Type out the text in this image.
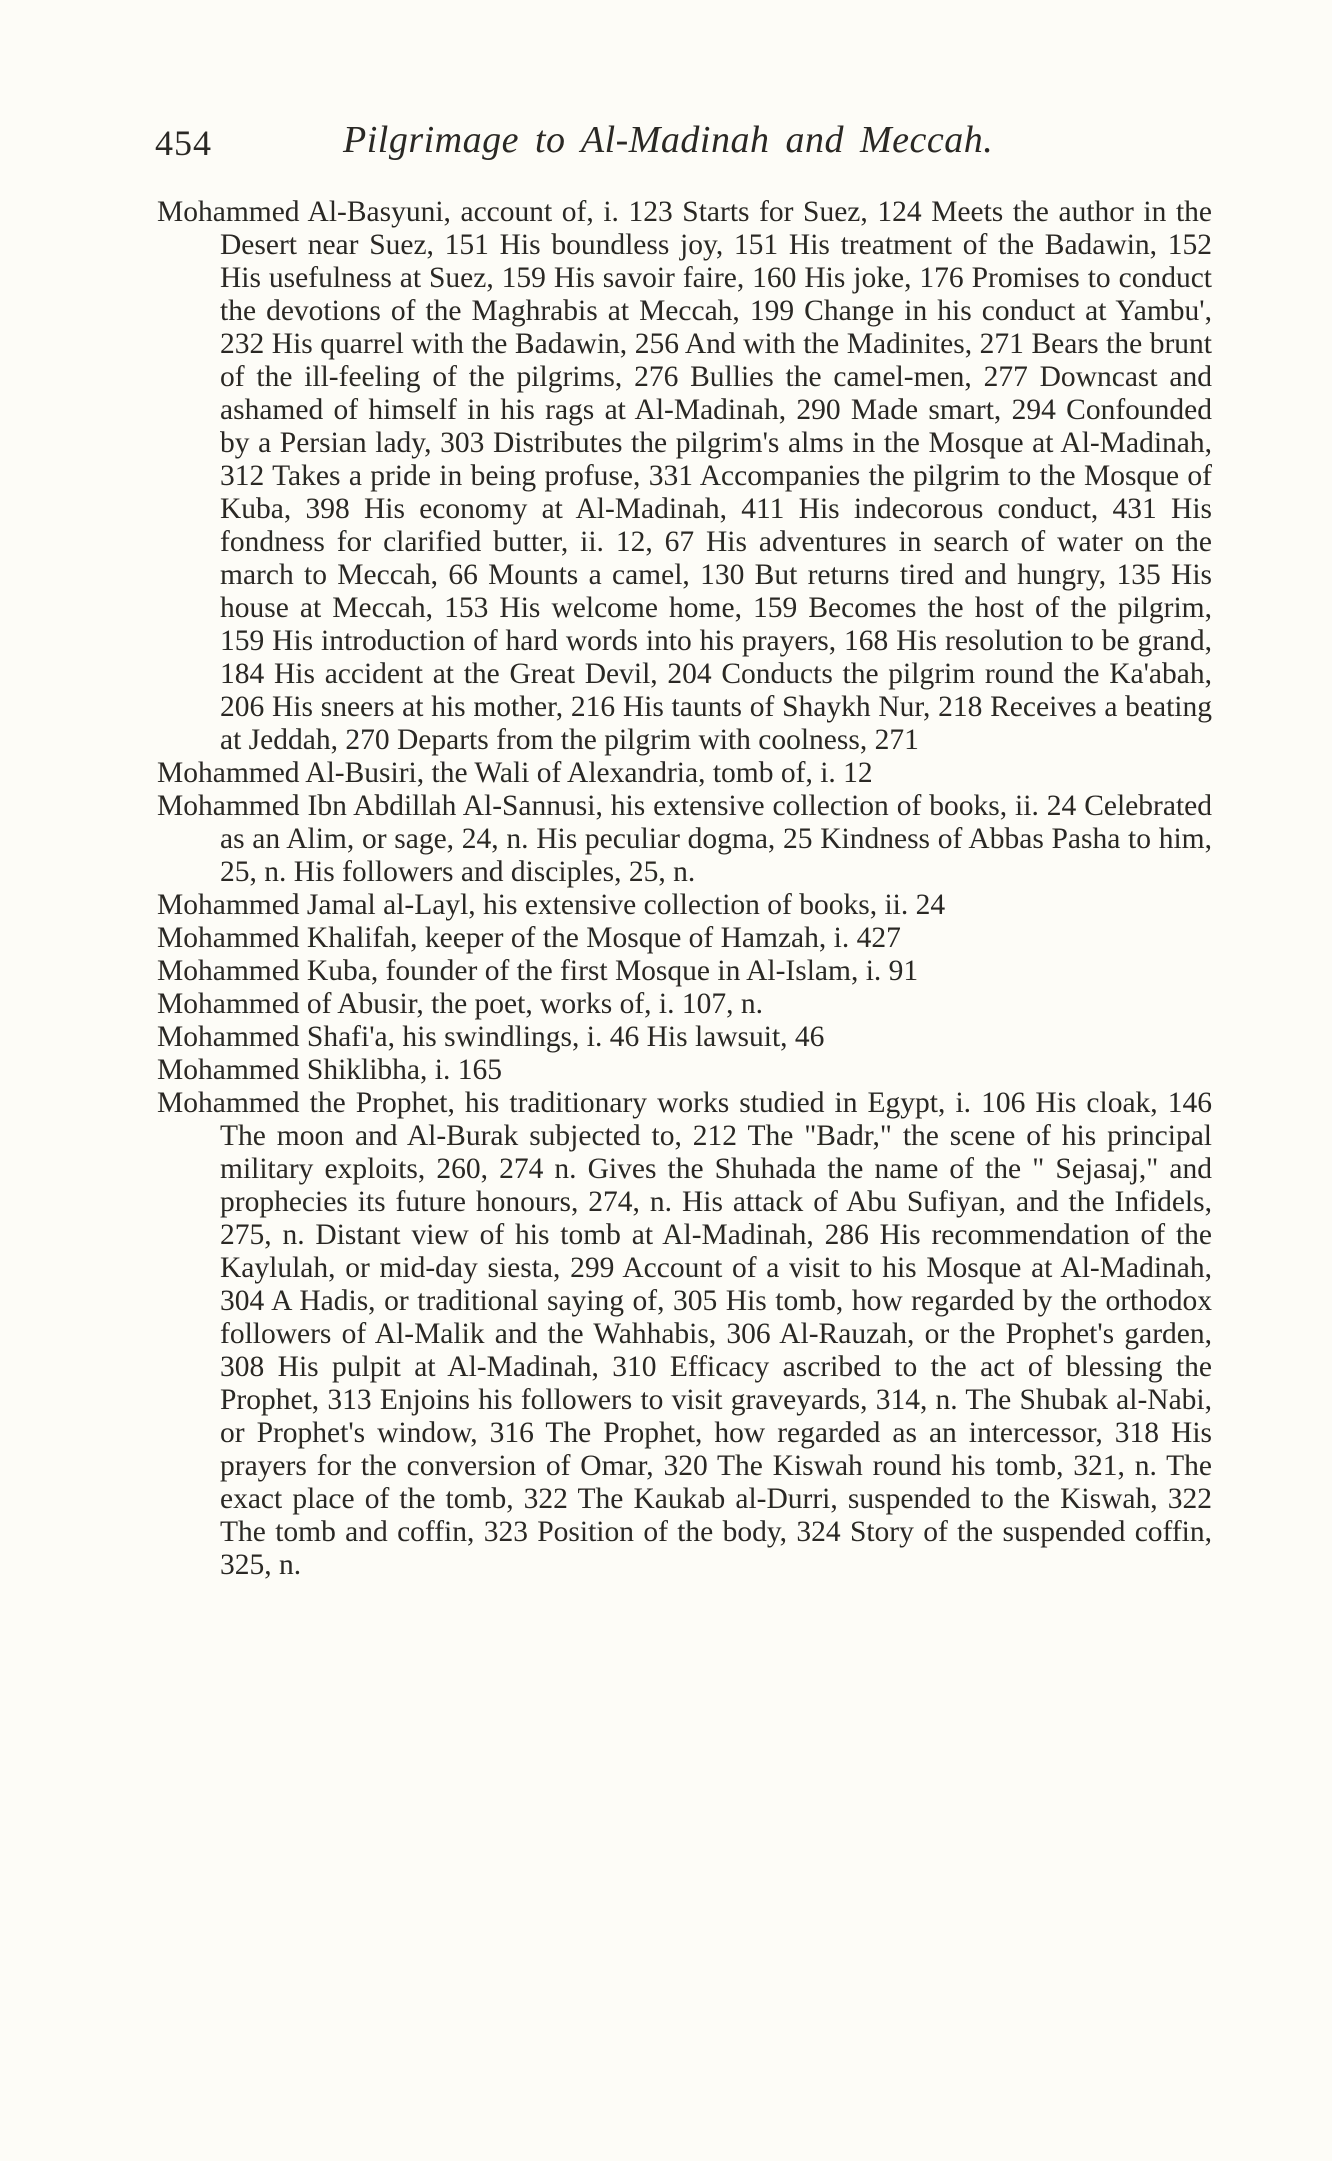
454	Pilgrimage to Al-Madinah and Meccah.

Mohammed Al-Basyuni, account of, i. 123 Starts for Suez, 124 Meets the author in the Desert near Suez, 151 His boundless joy, 151 His treatment of the Badawin, 152 His usefulness at Suez, 159 His savoir faire, 160 His joke, 176 Promises to conduct the devotions of the Maghrabis at Meccah, 199 Change in his conduct at Yambu', 232 His quarrel with the Badawin, 256 And with the Madinites, 271 Bears the brunt of the ill-feeling of the pilgrims, 276 Bullies the camel-men, 277 Downcast and ashamed of himself in his rags at Al-Madinah, 290 Made smart, 294 Confounded by a Persian lady, 303 Distributes the pilgrim's alms in the Mosque at Al-Madinah, 312 Takes a pride in being profuse, 331 Accompanies the pilgrim to the Mosque of Kuba, 398 His economy at Al-Madinah, 411 His indecorous conduct, 431 His fondness for clarified butter, ii. 12, 67 His adventures in search of water on the march to Meccah, 66 Mounts a camel, 130 But returns tired and hungry, 135 His house at Meccah, 153 His welcome home, 159 Becomes the host of the pilgrim, 159 His introduction of hard words into his prayers, 168 His resolution to be grand, 184 His accident at the Great Devil, 204 Conducts the pilgrim round the Ka'abah, 206 His sneers at his mother, 216 His taunts of Shaykh Nur, 218 Receives a beating at Jeddah, 270 Departs from the pilgrim with coolness, 271

Mohammed Al-Busiri, the Wali of Alexandria, tomb of, i. 12

Mohammed Ibn Abdillah Al-Sannusi, his extensive collection of books, ii. 24 Celebrated as an Alim, or sage, 24, n. His peculiar dogma, 25 Kindness of Abbas Pasha to him, 25, n. His followers and disciples, 25, n.

Mohammed Jamal al-Layl, his extensive collection of books, ii. 24

Mohammed Khalifah, keeper of the Mosque of Hamzah, i. 427

Mohammed Kuba, founder of the first Mosque in Al-Islam, i. 91

Mohammed of Abusir, the poet, works of, i. 107, n.

Mohammed Shafi'a, his swindlings, i. 46 His lawsuit, 46

Mohammed Shiklibha, i. 165

Mohammed the Prophet, his traditionary works studied in Egypt, i. 106 His cloak, 146 The moon and Al-Burak subjected to, 212 The "Badr," the scene of his principal military exploits, 260, 274 n. Gives the Shuhada the name of the " Sejasaj," and prophecies its future honours, 274, n. His attack of Abu Sufiyan, and the Infidels, 275, n. Distant view of his tomb at Al-Madinah, 286 His recommendation of the Kaylulah, or mid-day siesta, 299 Account of a visit to his Mosque at Al-Madinah, 304 A Hadis, or traditional saying of, 305 His tomb, how regarded by the orthodox followers of Al-Malik and the Wahhabis, 306 Al-Rauzah, or the Prophet's garden, 308 His pulpit at Al-Madinah, 310 Efficacy ascribed to the act of blessing the Prophet, 313 Enjoins his followers to visit graveyards, 314, n. The Shubak al-Nabi, or Prophet's window, 316 The Prophet, how regarded as an intercessor, 318 His prayers for the conversion of Omar, 320 The Kiswah round his tomb, 321, n. The exact place of the tomb, 322 The Kaukab al-Durri, suspended to the Kiswah, 322 The tomb and coffin, 323 Position of the body, 324 Story of the suspended coffin, 325, n.
